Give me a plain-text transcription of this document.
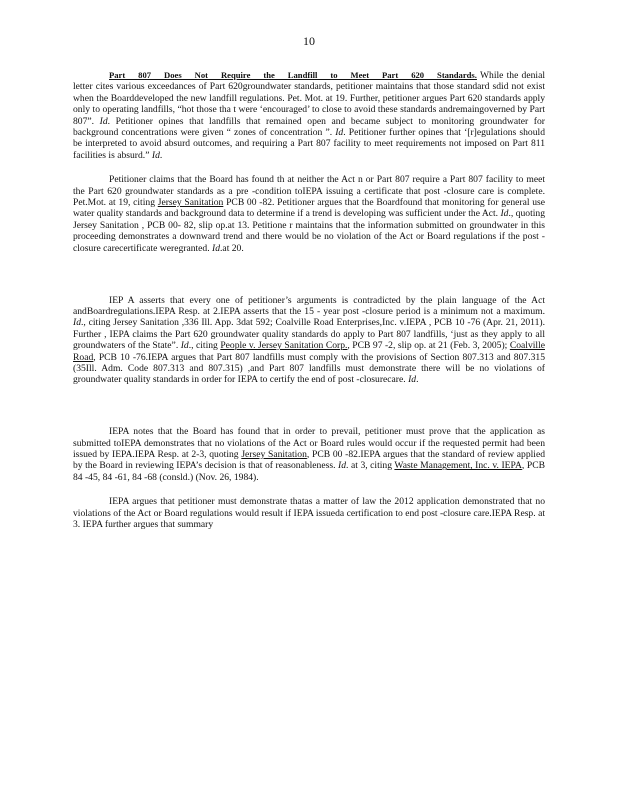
10

Part 807 Does Not Require the Landfill to Meet Part 620 Standards. While the denial letter cites various exceedances of Part 620groundwater standards, petitioner maintains that those standard sdid not exist when the Boarddeveloped the new landfill regulations. Pet. Mot. at 19. Further, petitioner argues Part 620 standards apply only to operating landfills, “hot those tha t were ‘encouraged’ to close to avoid these standards andremaingoverned by Part 807”. Id. Petitioner opines that landfills that remained open and became subject to monitoring groundwater for background concentrations were given “ zones of concentration ”. Id. Petitioner further opines that ‘[r]egulations should be interpreted to avoid absurd outcomes, and requiring a Part 807 facility to meet requirements not imposed on Part 811 facilities is absurd.” Id.

Petitioner claims that the Board has found th at neither the Act n or Part 807 require a Part 807 facility to meet the Part 620 groundwater standards as a pre -condition toIEPA issuing a certificate that post -closure care is complete. Pet.Mot. at 19, citing Jersey Sanitation PCB 00 -82. Petitioner argues that the Boardfound that monitoring for general use water quality standards and background data to determine if a trend is developing was sufficient under the Act. Id., quoting Jersey Sanitation , PCB 00- 82, slip op.at 13. Petitione r maintains that the information submitted on groundwater in this proceeding demonstrates a downward trend and there would be no violation of the Act or Board regulations if the post -closure carecertificate weregranted. Id.at 20.

IEP A asserts that every one of petitioner’s arguments is contradicted by the plain language of the Act andBoardregulations.IEPA Resp. at 2.IEPA asserts that the 15 - year post -closure period is a minimum not a maximum. Id., citing Jersey Sanitation ,336 Ill. App. 3dat 592; Coalville Road Enterprises,Inc. v.IEPA , PCB 10 -76 (Apr. 21, 2011). Further , IEPA claims the Part 620 groundwater quality standards do apply to Part 807 landfills, ‘just as they apply to all groundwaters of the State”. Id., citing People v. Jersey Sanitation Corp., PCB 97 -2, slip op. at 21 (Feb. 3, 2005); Coalville Road, PCB 10 -76.IEPA argues that Part 807 landfills must comply with the provisions of Section 807.313 and 807.315 (35Ill. Adm. Code 807.313 and 807.315) ,and Part 807 landfills must demonstrate there will be no violations of groundwater quality standards in order for IEPA to certify the end of post -closurecare. Id.

IEPA notes that the Board has found that in order to prevail, petitioner must prove that the application as submitted toIEPA demonstrates that no violations of the Act or Board rules would occur if the requested permit had been issued by IEPA.IEPA Resp. at 2-3, quoting Jersey Sanitation, PCB 00 -82.IEPA argues that the standard of review applied by the Board in reviewing IEPA’s decision is that of reasonableness. Id. at 3, citing Waste Management, Inc. v. IEPA, PCB 84 -45, 84 -61, 84 -68 (consld.) (Nov. 26, 1984).

IEPA argues that petitioner must demonstrate thatas a matter of law the 2012 application demonstrated that no violations of the Act or Board regulations would result if IEPA issueda certification to end post -closure care.IEPA Resp. at 3. IEPA further argues that summary
